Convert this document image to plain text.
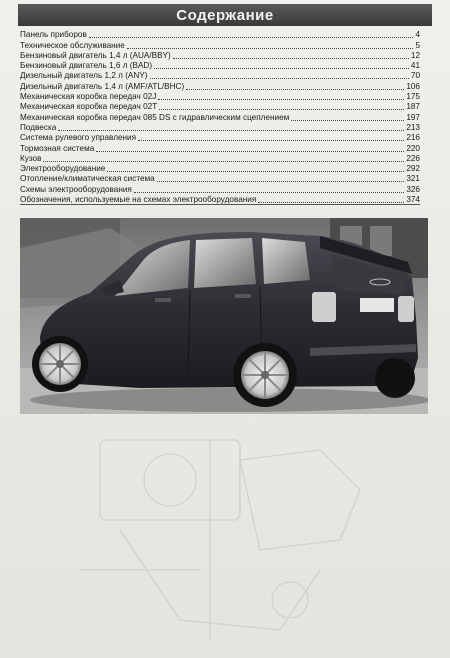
Содержание
Панель приборов	4
Техническое обслуживание	5
Бензиновый двигатель 1,4 л (AUA/BBY)	12
Бензиновый двигатель 1,6 л (BAD)	41
Дизельный двигатель 1,2 л (ANY)	70
Дизельный двигатель 1,4 л (AMF/ATL/BHC)	106
Механическая коробка передач 02J	175
Механическая коробка передач 02T	187
Механическая коробка передач 085 DS с гидравлическим сцеплением	197
Подвеска	213
Система рулевого управления	216
Тормозная система	220
Кузов	226
Электрооборудование	292
Отопление/климатическая система	321
Схемы электрооборудования	326
Обозначения, используемые на схемах электрооборудования	374
